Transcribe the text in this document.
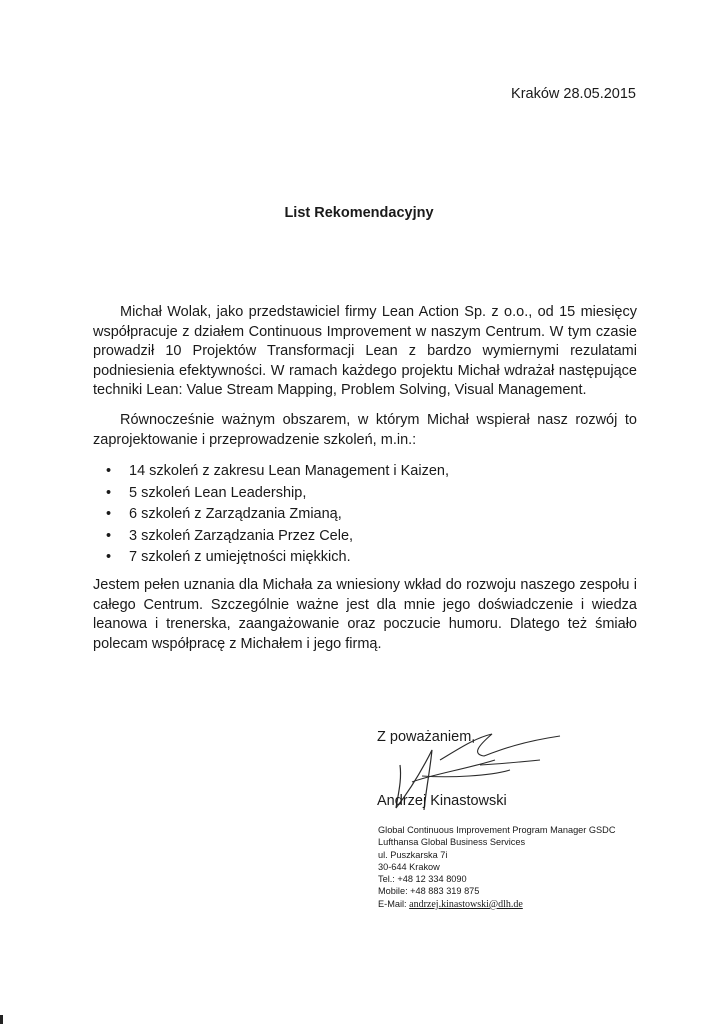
Kraków 28.05.2015
List Rekomendacyjny

Michał Wolak, jako przedstawiciel firmy Lean Action Sp. z o.o., od 15 miesięcy współpracuje z działem Continuous Improvement w naszym Centrum. W tym czasie prowadził 10 Projektów Transformacji Lean z bardzo wymiernymi rezulatami podniesienia efektywności. W ramach każdego projektu Michał wdrażał następujące techniki Lean: Value Stream Mapping, Problem Solving, Visual Management.

Równocześnie ważnym obszarem, w którym Michał wspierał nasz rozwój to zaprojektowanie i przeprowadzenie szkoleń, m.in.:

• 14 szkoleń z zakresu Lean Management i Kaizen,
• 5 szkoleń Lean Leadership,
• 6 szkoleń z Zarządzania Zmianą,
• 3 szkoleń Zarządzania Przez Cele,
• 7 szkoleń z umiejętności miękkich.

Jestem pełen uznania dla Michała za wniesiony wkład do rozwoju naszego zespołu i całego Centrum. Szczególnie ważne jest dla mnie jego doświadczenie i wiedza leanowa i trenerska, zaangażowanie oraz poczucie humoru. Dlatego też śmiało polecam współpracę z Michałem i jego firmą.

Z poważaniem,
Andrzej Kinastowski
Global Continuous Improvement Program Manager GSDC
Lufthansa Global Business Services
ul. Puszkarska 7i
30-644 Krakow
Tel.: +48 12 334 8090
Mobile: +48 883 319 875
E-Mail: andrzej.kinastowski@dlh.de
